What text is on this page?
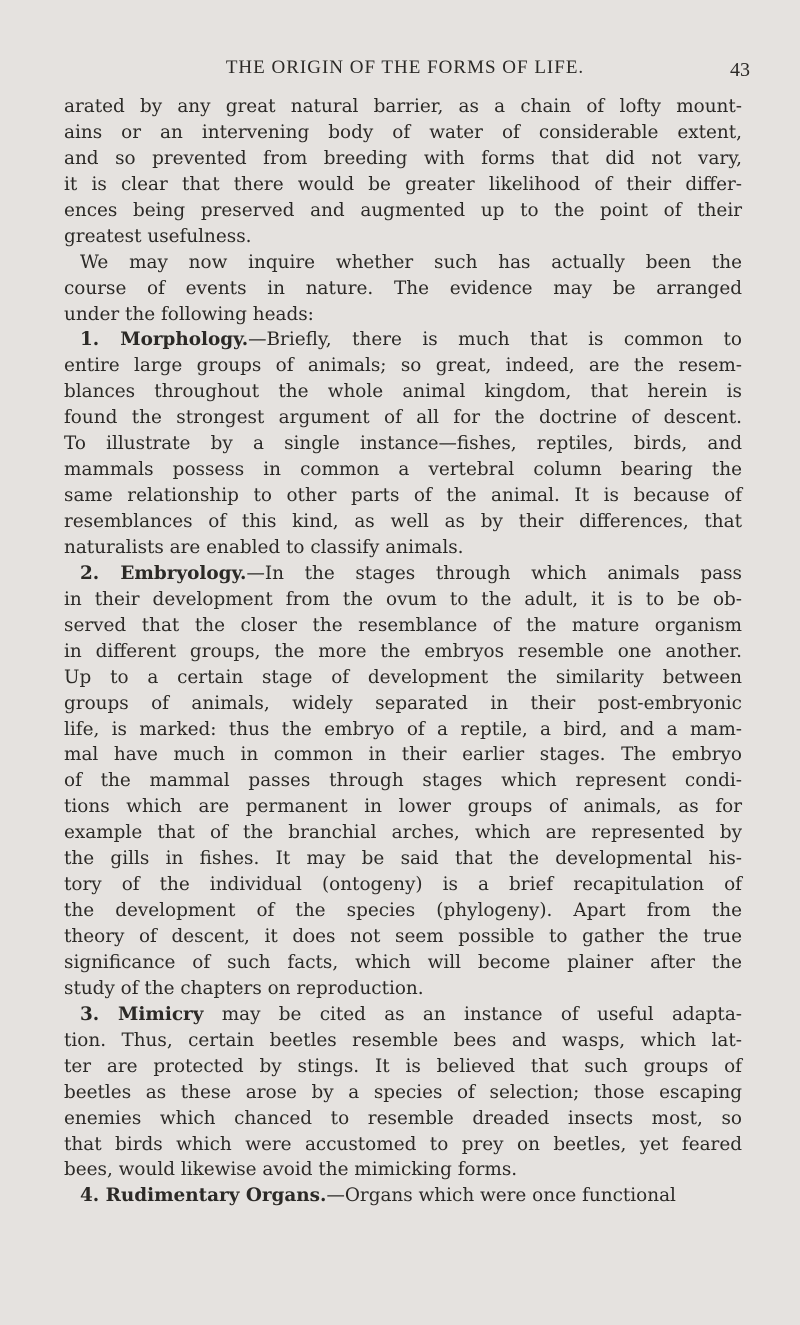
THE ORIGIN OF THE FORMS OF LIFE.	43
arated by any great natural barrier, as a chain of lofty mount-
ains or an intervening body of water of considerable extent,
and so prevented from breeding with forms that did not vary,
it is clear that there would be greater likelihood of their differ-
ences being preserved and augmented up to the point of their
greatest usefulness.
We may now inquire whether such has actually been the
course of events in nature. The evidence may be arranged
under the following heads:
1. Morphology.—Briefly, there is much that is common to
entire large groups of animals; so great, indeed, are the resem-
blances throughout the whole animal kingdom, that herein is
found the strongest argument of all for the doctrine of descent.
To illustrate by a single instance—fishes, reptiles, birds, and
mammals possess in common a vertebral column bearing the
same relationship to other parts of the animal. It is because of
resemblances of this kind, as well as by their differences, that
naturalists are enabled to classify animals.
2. Embryology.—In the stages through which animals pass
in their development from the ovum to the adult, it is to be ob-
served that the closer the resemblance of the mature organism
in different groups, the more the embryos resemble one another.
Up to a certain stage of development the similarity between
groups of animals, widely separated in their post-embryonic
life, is marked: thus the embryo of a reptile, a bird, and a mam-
mal have much in common in their earlier stages. The embryo
of the mammal passes through stages which represent condi-
tions which are permanent in lower groups of animals, as for
example that of the branchial arches, which are represented by
the gills in fishes. It may be said that the developmental his-
tory of the individual (ontogeny) is a brief recapitulation of
the development of the species (phylogeny). Apart from the
theory of descent, it does not seem possible to gather the true
significance of such facts, which will become plainer after the
study of the chapters on reproduction.
3. Mimicry may be cited as an instance of useful adapta-
tion. Thus, certain beetles resemble bees and wasps, which lat-
ter are protected by stings. It is believed that such groups of
beetles as these arose by a species of selection; those escaping
enemies which chanced to resemble dreaded insects most, so
that birds which were accustomed to prey on beetles, yet feared
bees, would likewise avoid the mimicking forms.
4. Rudimentary Organs.—Organs which were once functional
